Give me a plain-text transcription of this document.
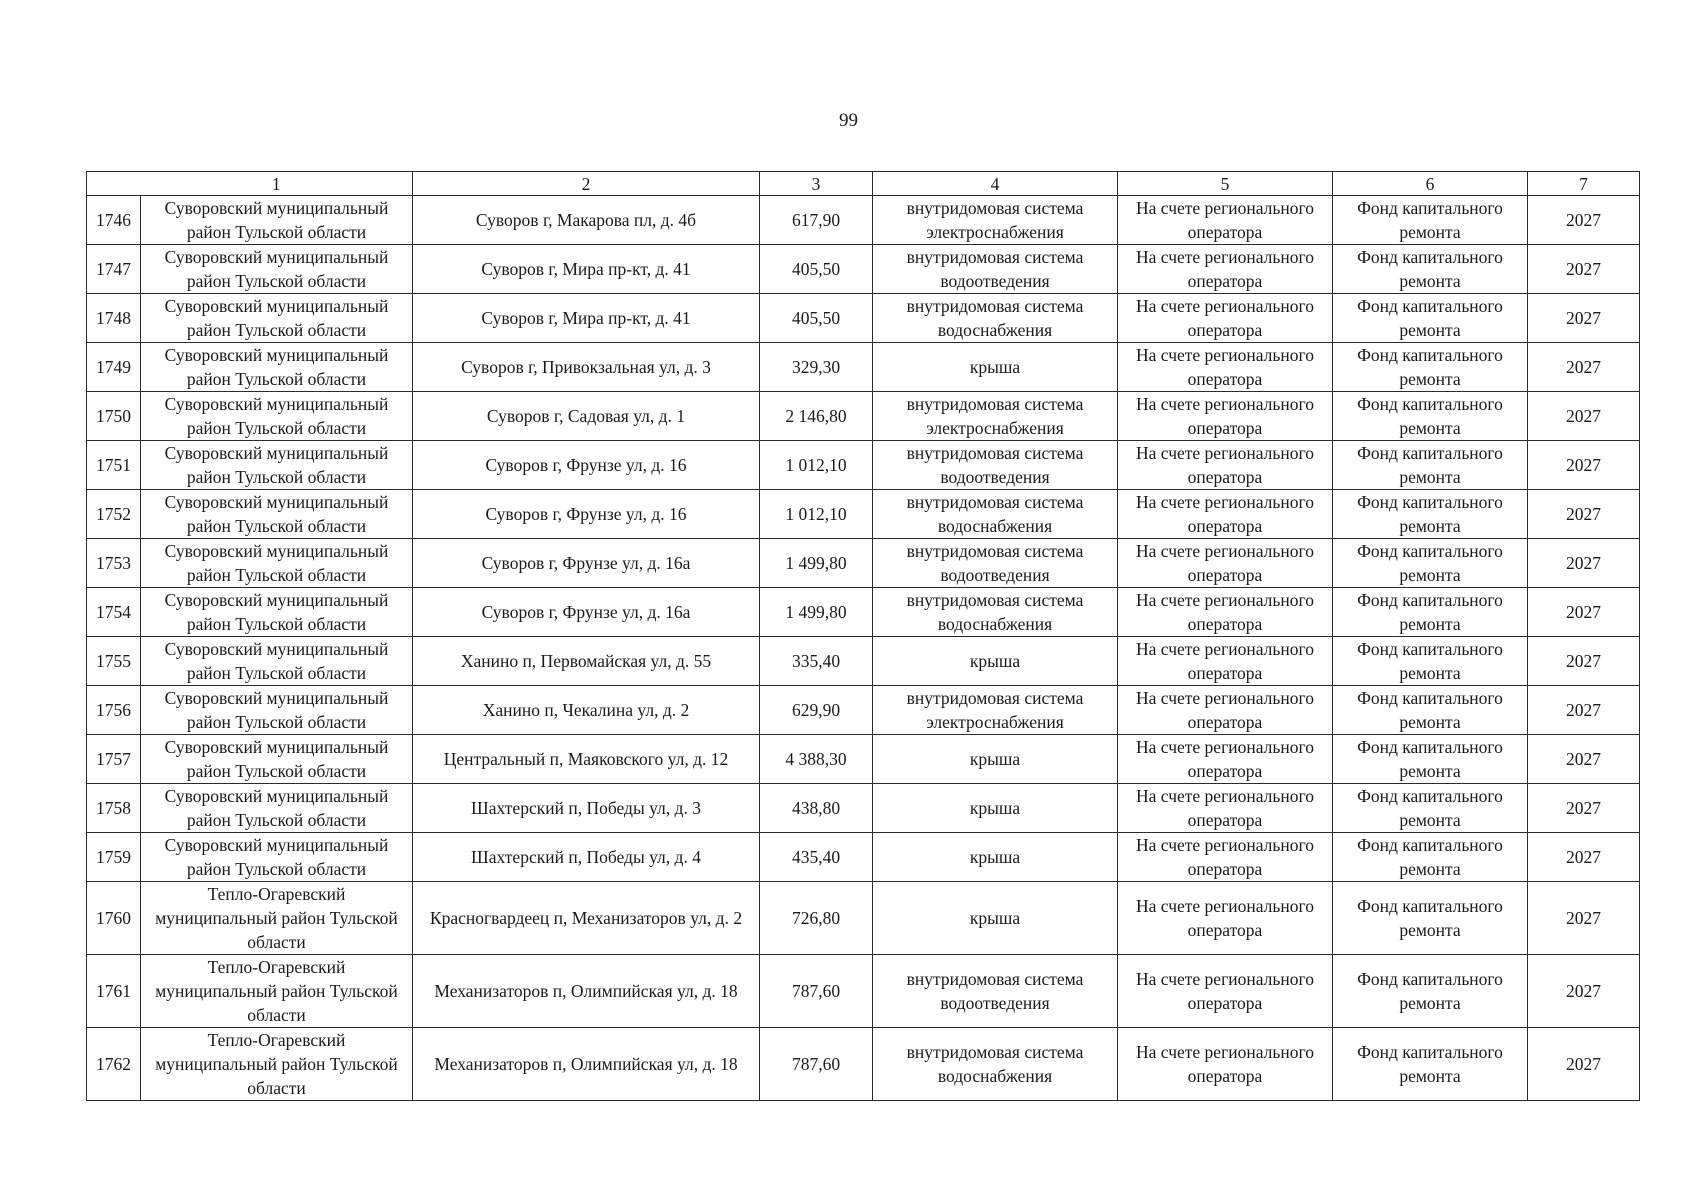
99
	1	2	3	4	5	6	7
1746	Суворовский муниципальный район Тульской области	Суворов г, Макарова пл, д. 4б	617,90	внутридомовая система электроснабжения	На счете регионального оператора	Фонд капитального ремонта	2027
1747	Суворовский муниципальный район Тульской области	Суворов г, Мира пр-кт, д. 41	405,50	внутридомовая система водоотведения	На счете регионального оператора	Фонд капитального ремонта	2027
1748	Суворовский муниципальный район Тульской области	Суворов г, Мира пр-кт, д. 41	405,50	внутридомовая система водоснабжения	На счете регионального оператора	Фонд капитального ремонта	2027
1749	Суворовский муниципальный район Тульской области	Суворов г, Привокзальная ул, д. 3	329,30	крыша	На счете регионального оператора	Фонд капитального ремонта	2027
1750	Суворовский муниципальный район Тульской области	Суворов г, Садовая ул, д. 1	2 146,80	внутридомовая система электроснабжения	На счете регионального оператора	Фонд капитального ремонта	2027
1751	Суворовский муниципальный район Тульской области	Суворов г, Фрунзе ул, д. 16	1 012,10	внутридомовая система водоотведения	На счете регионального оператора	Фонд капитального ремонта	2027
1752	Суворовский муниципальный район Тульской области	Суворов г, Фрунзе ул, д. 16	1 012,10	внутридомовая система водоснабжения	На счете регионального оператора	Фонд капитального ремонта	2027
1753	Суворовский муниципальный район Тульской области	Суворов г, Фрунзе ул, д. 16а	1 499,80	внутридомовая система водоотведения	На счете регионального оператора	Фонд капитального ремонта	2027
1754	Суворовский муниципальный район Тульской области	Суворов г, Фрунзе ул, д. 16а	1 499,80	внутридомовая система водоснабжения	На счете регионального оператора	Фонд капитального ремонта	2027
1755	Суворовский муниципальный район Тульской области	Ханино п, Первомайская ул, д. 55	335,40	крыша	На счете регионального оператора	Фонд капитального ремонта	2027
1756	Суворовский муниципальный район Тульской области	Ханино п, Чекалина ул, д. 2	629,90	внутридомовая система электроснабжения	На счете регионального оператора	Фонд капитального ремонта	2027
1757	Суворовский муниципальный район Тульской области	Центральный п, Маяковского ул, д. 12	4 388,30	крыша	На счете регионального оператора	Фонд капитального ремонта	2027
1758	Суворовский муниципальный район Тульской области	Шахтерский п, Победы ул, д. 3	438,80	крыша	На счете регионального оператора	Фонд капитального ремонта	2027
1759	Суворовский муниципальный район Тульской области	Шахтерский п, Победы ул, д. 4	435,40	крыша	На счете регионального оператора	Фонд капитального ремонта	2027
1760	Тепло-Огаревский муниципальный район Тульской области	Красногвардеец п, Механизаторов ул, д. 2	726,80	крыша	На счете регионального оператора	Фонд капитального ремонта	2027
1761	Тепло-Огаревский муниципальный район Тульской области	Механизаторов п, Олимпийская ул, д. 18	787,60	внутридомовая система водоотведения	На счете регионального оператора	Фонд капитального ремонта	2027
1762	Тепло-Огаревский муниципальный район Тульской области	Механизаторов п, Олимпийская ул, д. 18	787,60	внутридомовая система водоснабжения	На счете регионального оператора	Фонд капитального ремонта	2027
